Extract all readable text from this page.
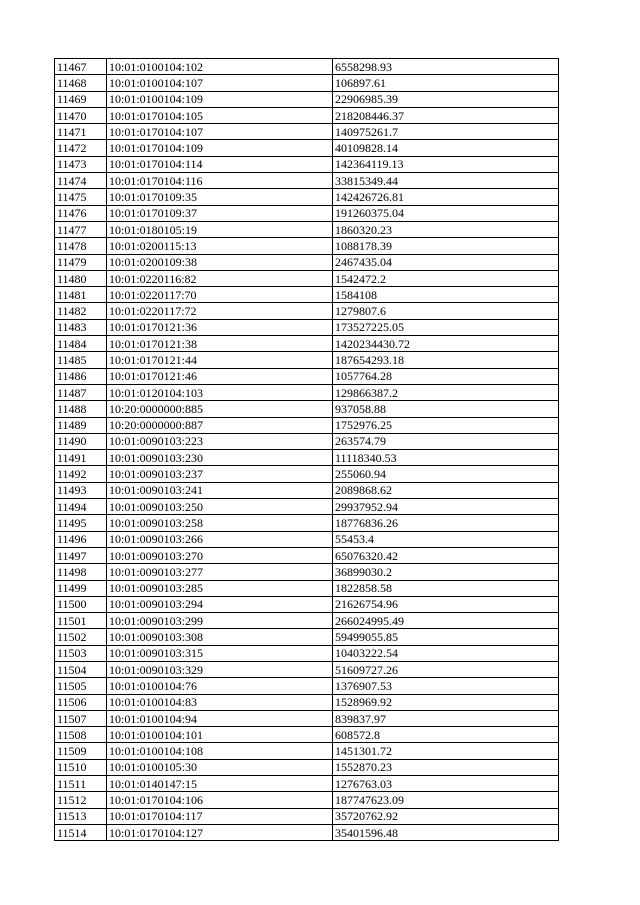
11467	10:01:0100104:102	6558298.93
11468	10:01:0100104:107	106897.61
11469	10:01:0100104:109	22906985.39
11470	10:01:0170104:105	218208446.37
11471	10:01:0170104:107	140975261.7
11472	10:01:0170104:109	40109828.14
11473	10:01:0170104:114	142364119.13
11474	10:01:0170104:116	33815349.44
11475	10:01:0170109:35	142426726.81
11476	10:01:0170109:37	191260375.04
11477	10:01:0180105:19	1860320.23
11478	10:01:0200115:13	1088178.39
11479	10:01:0200109:38	2467435.04
11480	10:01:0220116:82	1542472.2
11481	10:01:0220117:70	1584108
11482	10:01:0220117:72	1279807.6
11483	10:01:0170121:36	173527225.05
11484	10:01:0170121:38	1420234430.72
11485	10:01:0170121:44	187654293.18
11486	10:01:0170121:46	1057764.28
11487	10:01:0120104:103	129866387.2
11488	10:20:0000000:885	937058.88
11489	10:20:0000000:887	1752976.25
11490	10:01:0090103:223	263574.79
11491	10:01:0090103:230	11118340.53
11492	10:01:0090103:237	255060.94
11493	10:01:0090103:241	2089868.62
11494	10:01:0090103:250	29937952.94
11495	10:01:0090103:258	18776836.26
11496	10:01:0090103:266	55453.4
11497	10:01:0090103:270	65076320.42
11498	10:01:0090103:277	36899030.2
11499	10:01:0090103:285	1822858.58
11500	10:01:0090103:294	21626754.96
11501	10:01:0090103:299	266024995.49
11502	10:01:0090103:308	59499055.85
11503	10:01:0090103:315	10403222.54
11504	10:01:0090103:329	51609727.26
11505	10:01:0100104:76	1376907.53
11506	10:01:0100104:83	1528969.92
11507	10:01:0100104:94	839837.97
11508	10:01:0100104:101	608572.8
11509	10:01:0100104:108	1451301.72
11510	10:01:0100105:30	1552870.23
11511	10:01:0140147:15	1276763.03
11512	10:01:0170104:106	187747623.09
11513	10:01:0170104:117	35720762.92
11514	10:01:0170104:127	35401596.48
